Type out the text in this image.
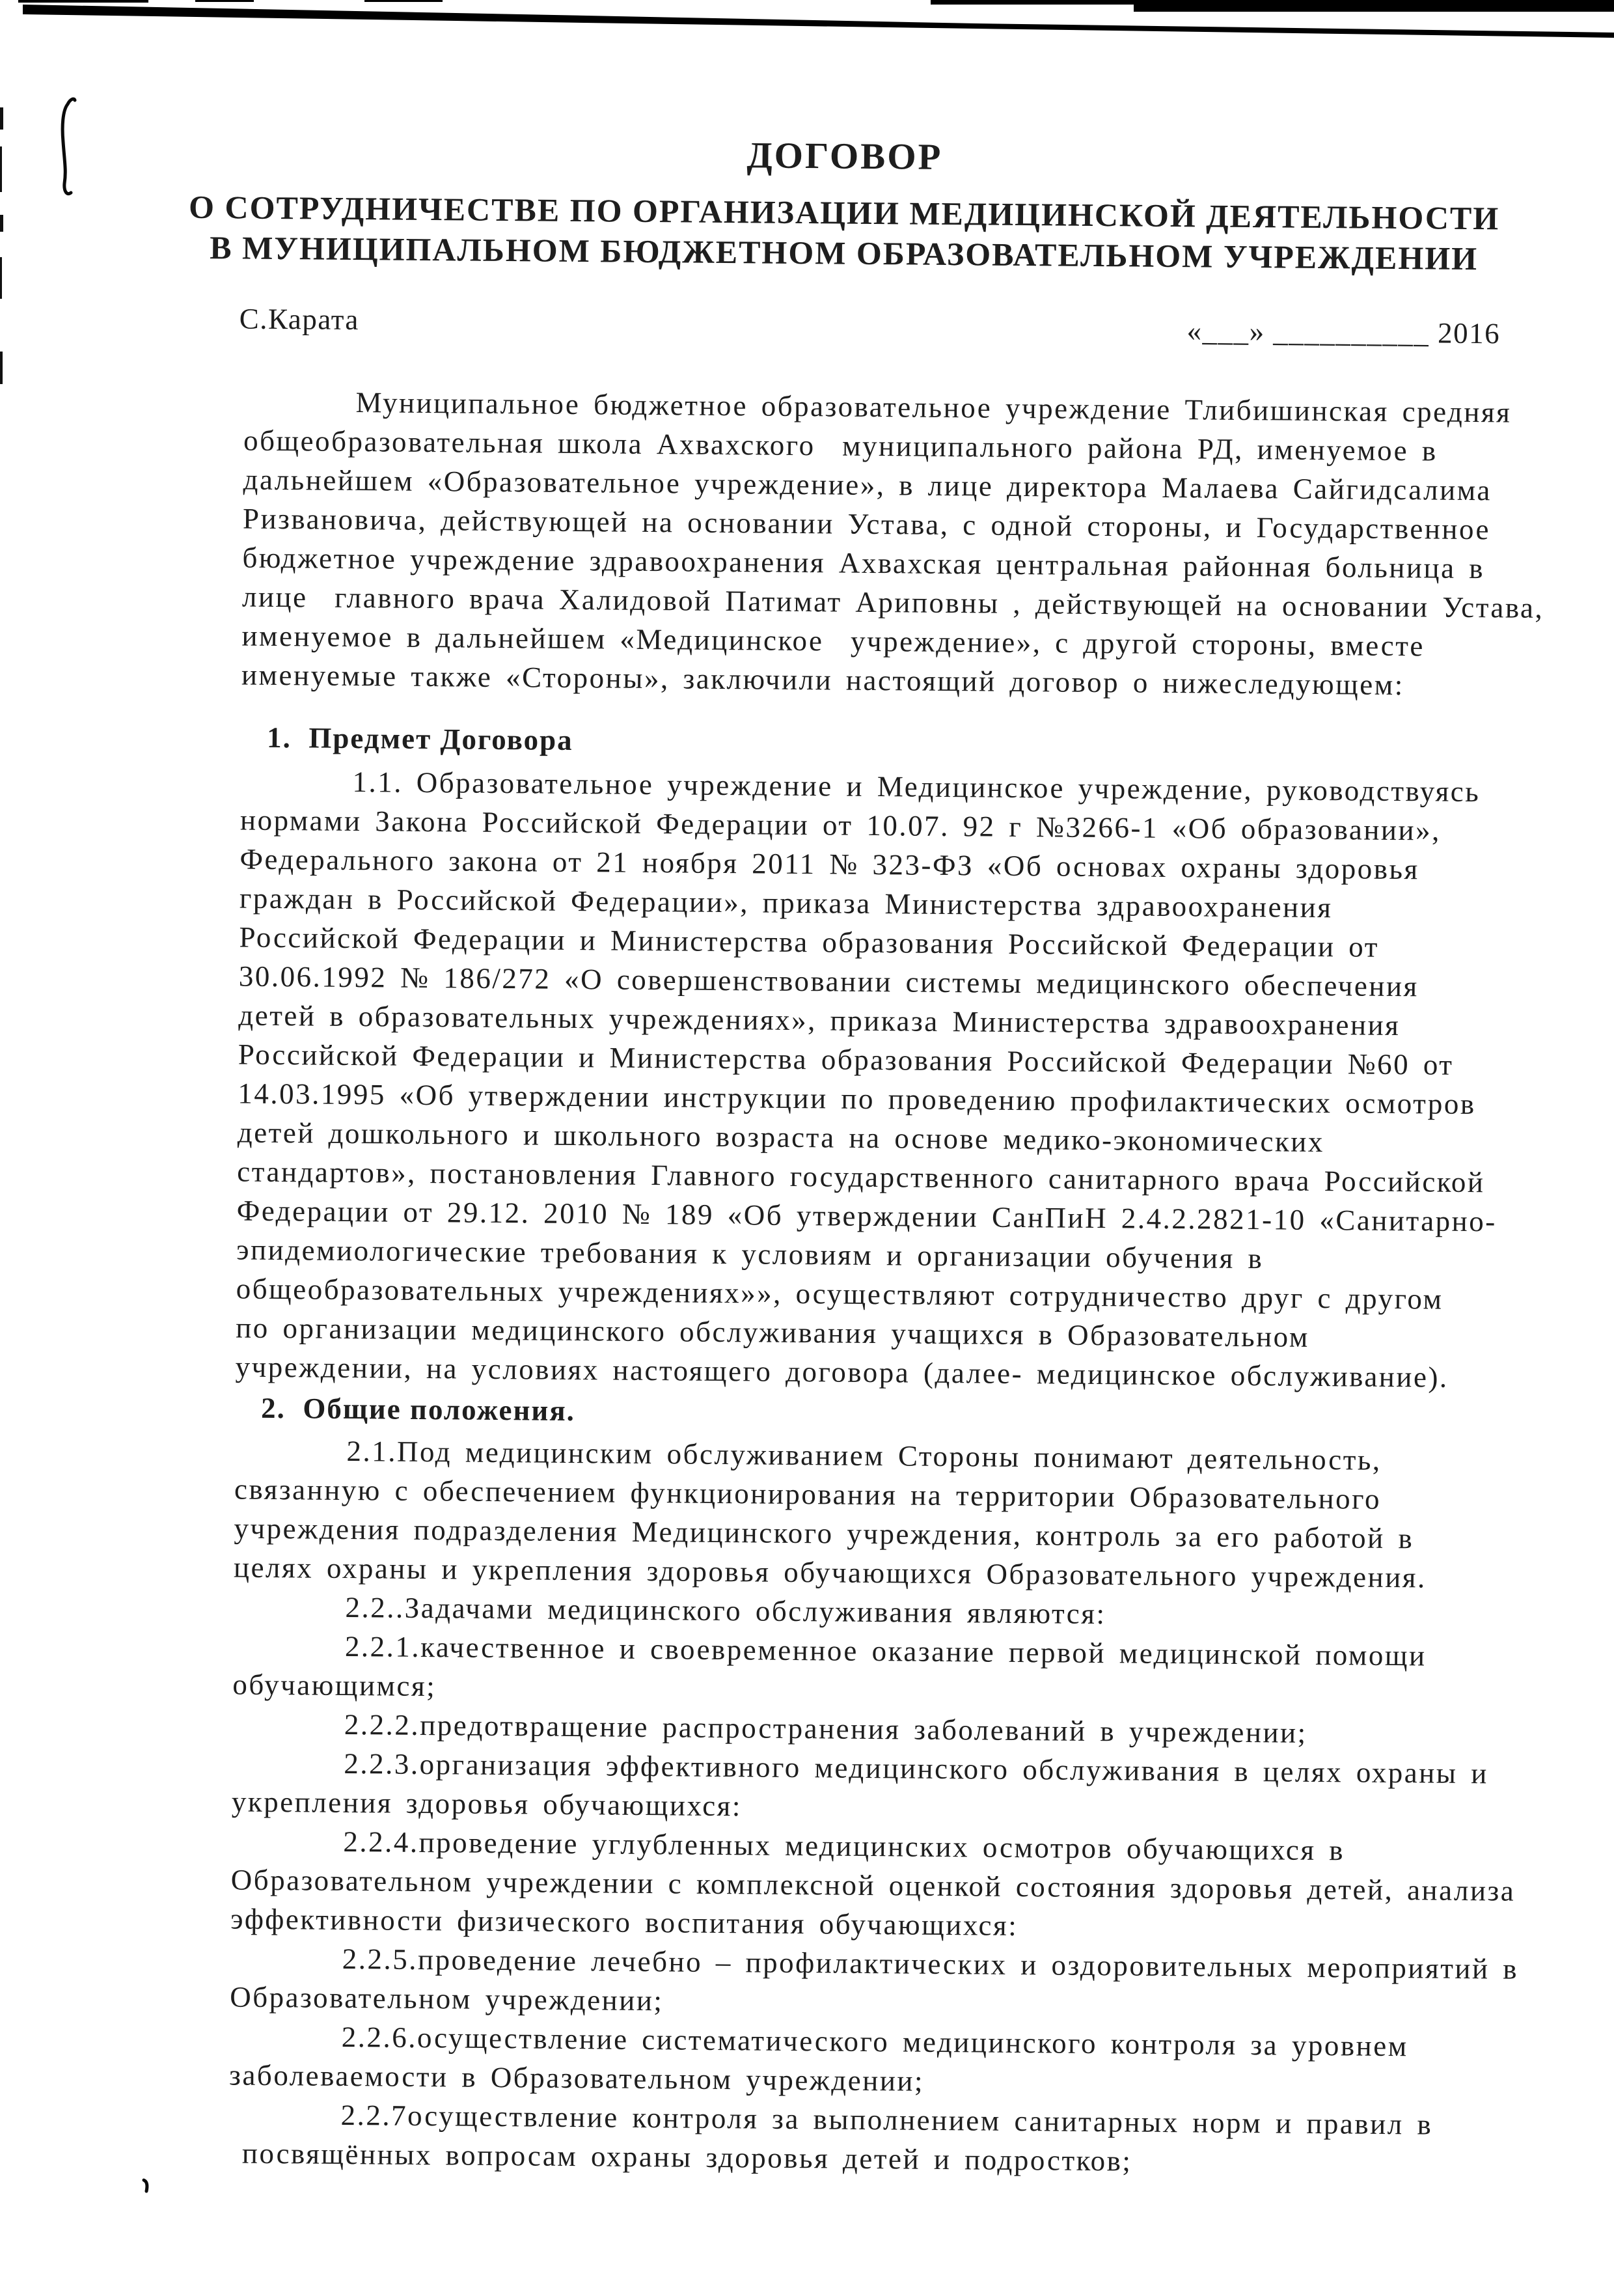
ДОГОВОР
О СОТРУДНИЧЕСТВЕ ПО ОРГАНИЗАЦИИ МЕДИЦИНСКОЙ ДЕЯТЕЛЬНОСТИ
В МУНИЦИПАЛЬНОМ БЮДЖЕТНОМ ОБРАЗОВАТЕЛЬНОМ УЧРЕЖДЕНИИ
С.Карата	«___» __________ 2016
Муниципальное бюджетное образовательное учреждение Тлибишинская средняя
общеобразовательная школа Ахвахского  муниципального района РД, именуемое в
дальнейшем «Образовательное учреждение», в лице директора Малаева Сайгидсалима
Ризвановича, действующей на основании Устава, с одной стороны, и Государственное
бюджетное учреждение здравоохранения Ахвахская центральная районная больница в
лице  главного врача Халидовой Патимат Ариповны , действующей на основании Устава,
именуемое в дальнейшем «Медицинское  учреждение», с другой стороны, вместе
именуемые также «Стороны», заключили настоящий договор о нижеследующем:
1.  Предмет Договора
1.1. Образовательное учреждение и Медицинское учреждение, руководствуясь
нормами Закона Российской Федерации от 10.07. 92 г №3266-1 «Об образовании»,
Федерального закона от 21 ноября 2011 № 323-ФЗ «Об основах охраны здоровья
граждан в Российской Федерации», приказа Министерства здравоохранения
Российской Федерации и Министерства образования Российской Федерации от
30.06.1992 № 186/272 «О совершенствовании системы медицинского обеспечения
детей в образовательных учреждениях», приказа Министерства здравоохранения
Российской Федерации и Министерства образования Российской Федерации №60 от
14.03.1995 «Об утверждении инструкции по проведению профилактических осмотров
детей дошкольного и школьного возраста на основе медико-экономических
стандартов», постановления Главного государственного санитарного врача Российской
Федерации от 29.12. 2010 № 189 «Об утверждении СанПиН 2.4.2.2821-10 «Санитарно-
эпидемиологические требования к условиям и организации обучения в
общеобразовательных учреждениях»», осуществляют сотрудничество друг с другом
по организации медицинского обслуживания учащихся в Образовательном
учреждении, на условиях настоящего договора (далее- медицинское обслуживание).
2.  Общие положения.
2.1.Под медицинским обслуживанием Стороны понимают деятельность,
связанную с обеспечением функционирования на территории Образовательного
учреждения подразделения Медицинского учреждения, контроль за его работой в
целях охраны и укрепления здоровья обучающихся Образовательного учреждения.
2.2..Задачами медицинского обслуживания являются:
2.2.1.качественное и своевременное оказание первой медицинской помощи
обучающимся;
2.2.2.предотвращение распространения заболеваний в учреждении;
2.2.3.организация эффективного медицинского обслуживания в целях охраны и
укрепления здоровья обучающихся:
2.2.4.проведение углубленных медицинских осмотров обучающихся в
Образовательном учреждении с комплексной оценкой состояния здоровья детей, анализа
эффективности физического воспитания обучающихся:
2.2.5.проведение лечебно – профилактических и оздоровительных мероприятий в
Образовательном учреждении;
2.2.6.осуществление систематического медицинского контроля за уровнем
заболеваемости в Образовательном учреждении;
2.2.7осуществление контроля за выполнением санитарных норм и правил в
посвящённых вопросам охраны здоровья детей и подростков;
